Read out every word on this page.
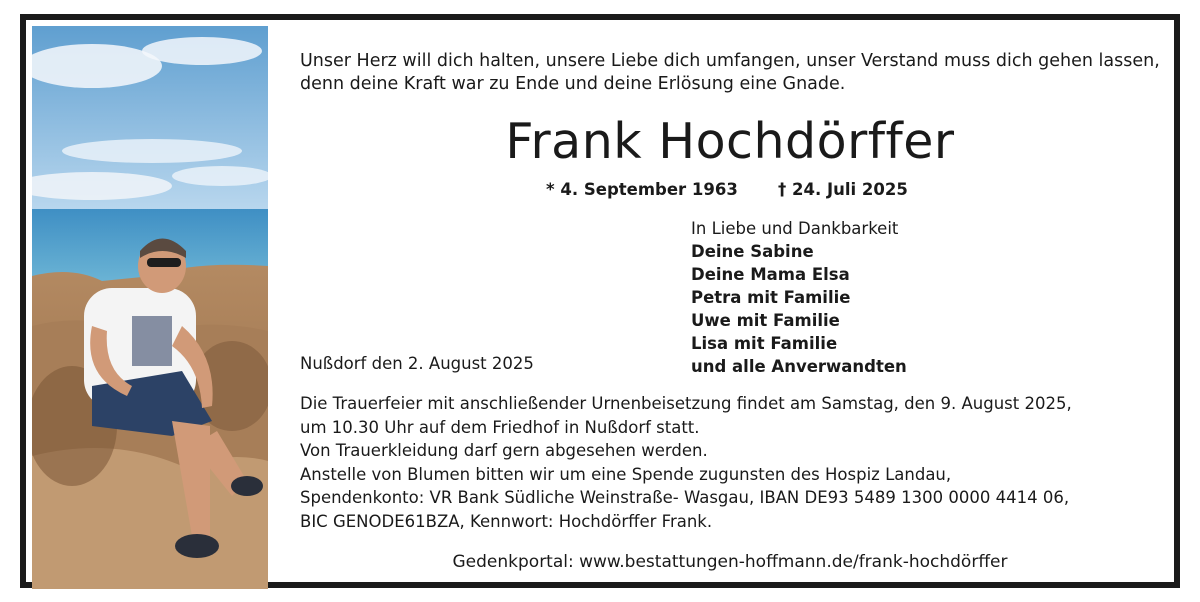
Unser Herz will dich halten, unsere Liebe dich umfangen, unser Verstand muss dich gehen lassen, denn deine Kraft war zu Ende und deine Erlösung eine Gnade.
Frank Hochdörffer
* 4. September 1963 † 24. Juli 2025
In Liebe und Dankbarkeit
Deine Sabine
Deine Mama Elsa
Petra mit Familie
Uwe mit Familie
Lisa mit Familie
und alle Anverwandten
Nußdorf den 2. August 2025
Die Trauerfeier mit anschließender Urnenbeisetzung findet am Samstag, den 9. August 2025,
um 10.30 Uhr auf dem Friedhof in Nußdorf statt.
Von Trauerkleidung darf gern abgesehen werden.
Anstelle von Blumen bitten wir um eine Spende zugunsten des Hospiz Landau,
Spendenkonto: VR Bank Südliche Weinstraße- Wasgau, IBAN DE93 5489 1300 0000 4414 06,
BIC GENODE61BZA, Kennwort: Hochdörffer Frank.
Gedenkportal: www.bestattungen-hoffmann.de/frank-hochdörffer
